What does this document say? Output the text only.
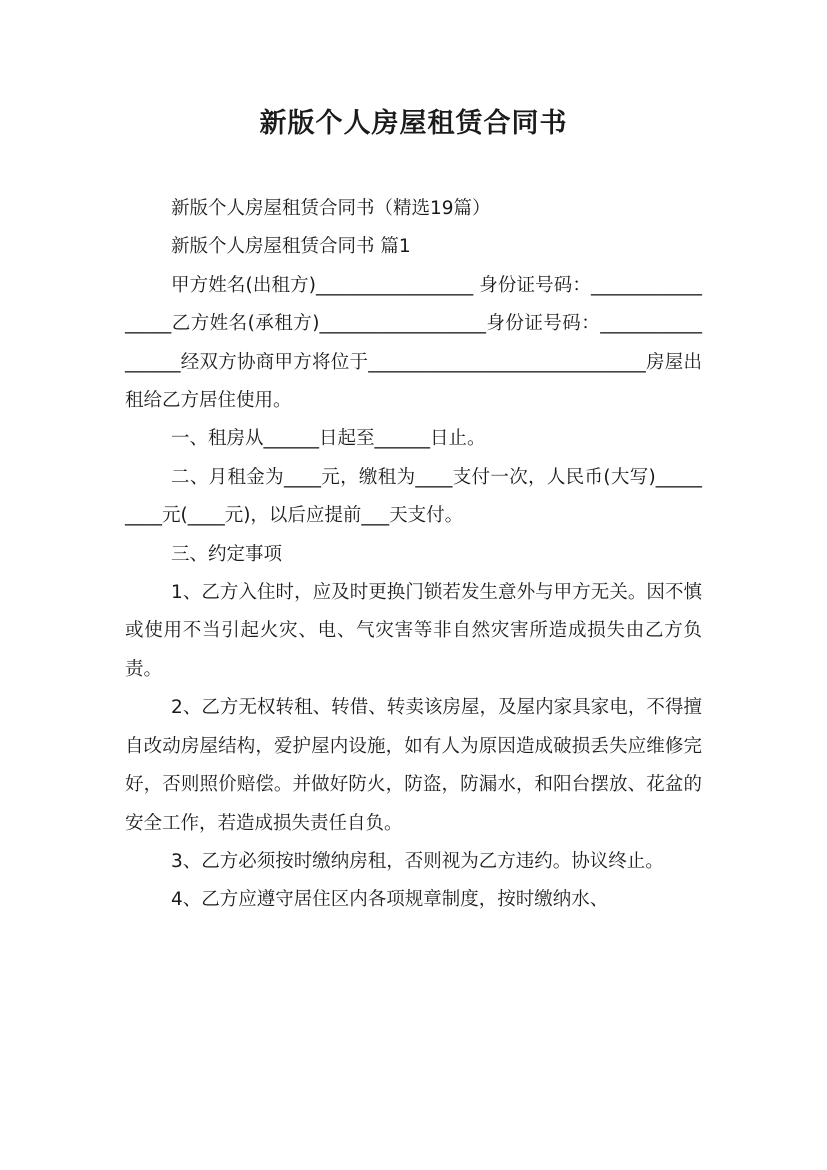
新版个人房屋租赁合同书

新版个人房屋租赁合同书（精选19篇）

新版个人房屋租赁合同书 篇1

甲方姓名(出租方)_________________ 身份证号码：_________________乙方姓名(承租方)__________________身份证号码：_________________经双方协商甲方将位于______________________________房屋出租给乙方居住使用。

一、租房从______日起至______日止。

二、月租金为____元，缴租为____支付一次，人民币(大写)_________元(____元)，以后应提前___天支付。

三、约定事项

1、乙方入住时，应及时更换门锁若发生意外与甲方无关。因不慎或使用不当引起火灾、电、气灾害等非自然灾害所造成损失由乙方负责。

2、乙方无权转租、转借、转卖该房屋，及屋内家具家电，不得擅自改动房屋结构，爱护屋内设施，如有人为原因造成破损丢失应维修完好，否则照价赔偿。并做好防火，防盗，防漏水，和阳台摆放、花盆的安全工作，若造成损失责任自负。

3、乙方必须按时缴纳房租，否则视为乙方违约。协议终止。

4、乙方应遵守居住区内各项规章制度，按时缴纳水、
